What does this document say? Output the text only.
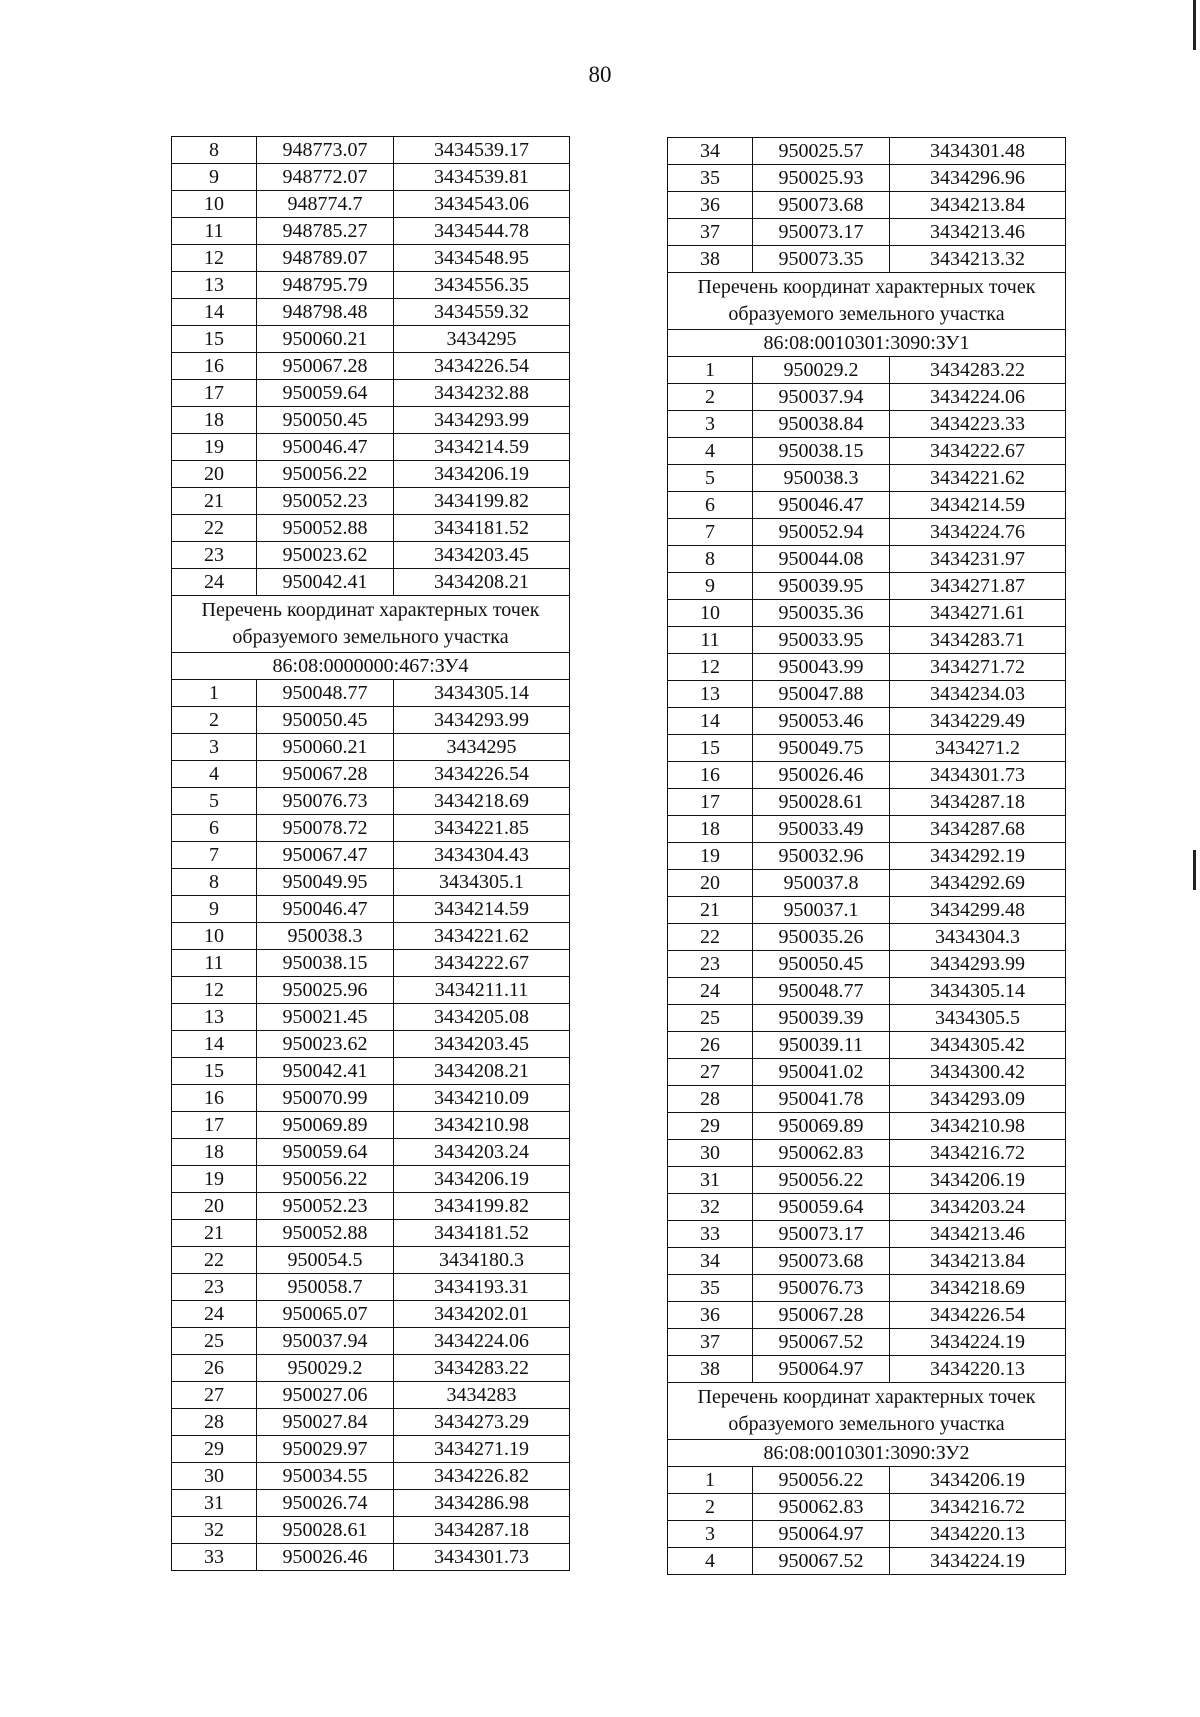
80
8	948773.07	3434539.17
9	948772.07	3434539.81
10	948774.7	3434543.06
11	948785.27	3434544.78
12	948789.07	3434548.95
13	948795.79	3434556.35
14	948798.48	3434559.32
15	950060.21	3434295
16	950067.28	3434226.54
17	950059.64	3434232.88
18	950050.45	3434293.99
19	950046.47	3434214.59
20	950056.22	3434206.19
21	950052.23	3434199.82
22	950052.88	3434181.52
23	950023.62	3434203.45
24	950042.41	3434208.21
Перечень координат характерных точек образуемого земельного участка		
86:08:0000000:467:ЗУ4		
1	950048.77	3434305.14
2	950050.45	3434293.99
3	950060.21	3434295
4	950067.28	3434226.54
5	950076.73	3434218.69
6	950078.72	3434221.85
7	950067.47	3434304.43
8	950049.95	3434305.1
9	950046.47	3434214.59
10	950038.3	3434221.62
11	950038.15	3434222.67
12	950025.96	3434211.11
13	950021.45	3434205.08
14	950023.62	3434203.45
15	950042.41	3434208.21
16	950070.99	3434210.09
17	950069.89	3434210.98
18	950059.64	3434203.24
19	950056.22	3434206.19
20	950052.23	3434199.82
21	950052.88	3434181.52
22	950054.5	3434180.3
23	950058.7	3434193.31
24	950065.07	3434202.01
25	950037.94	3434224.06
26	950029.2	3434283.22
27	950027.06	3434283
28	950027.84	3434273.29
29	950029.97	3434271.19
30	950034.55	3434226.82
31	950026.74	3434286.98
32	950028.61	3434287.18
33	950026.46	3434301.73
34	950025.57	3434301.48
35	950025.93	3434296.96
36	950073.68	3434213.84
37	950073.17	3434213.46
38	950073.35	3434213.32
Перечень координат характерных точек образуемого земельного участка		
86:08:0010301:3090:ЗУ1		
1	950029.2	3434283.22
2	950037.94	3434224.06
3	950038.84	3434223.33
4	950038.15	3434222.67
5	950038.3	3434221.62
6	950046.47	3434214.59
7	950052.94	3434224.76
8	950044.08	3434231.97
9	950039.95	3434271.87
10	950035.36	3434271.61
11	950033.95	3434283.71
12	950043.99	3434271.72
13	950047.88	3434234.03
14	950053.46	3434229.49
15	950049.75	3434271.2
16	950026.46	3434301.73
17	950028.61	3434287.18
18	950033.49	3434287.68
19	950032.96	3434292.19
20	950037.8	3434292.69
21	950037.1	3434299.48
22	950035.26	3434304.3
23	950050.45	3434293.99
24	950048.77	3434305.14
25	950039.39	3434305.5
26	950039.11	3434305.42
27	950041.02	3434300.42
28	950041.78	3434293.09
29	950069.89	3434210.98
30	950062.83	3434216.72
31	950056.22	3434206.19
32	950059.64	3434203.24
33	950073.17	3434213.46
34	950073.68	3434213.84
35	950076.73	3434218.69
36	950067.28	3434226.54
37	950067.52	3434224.19
38	950064.97	3434220.13
Перечень координат характерных точек образуемого земельного участка		
86:08:0010301:3090:ЗУ2		
1	950056.22	3434206.19
2	950062.83	3434216.72
3	950064.97	3434220.13
4	950067.52	3434224.19
